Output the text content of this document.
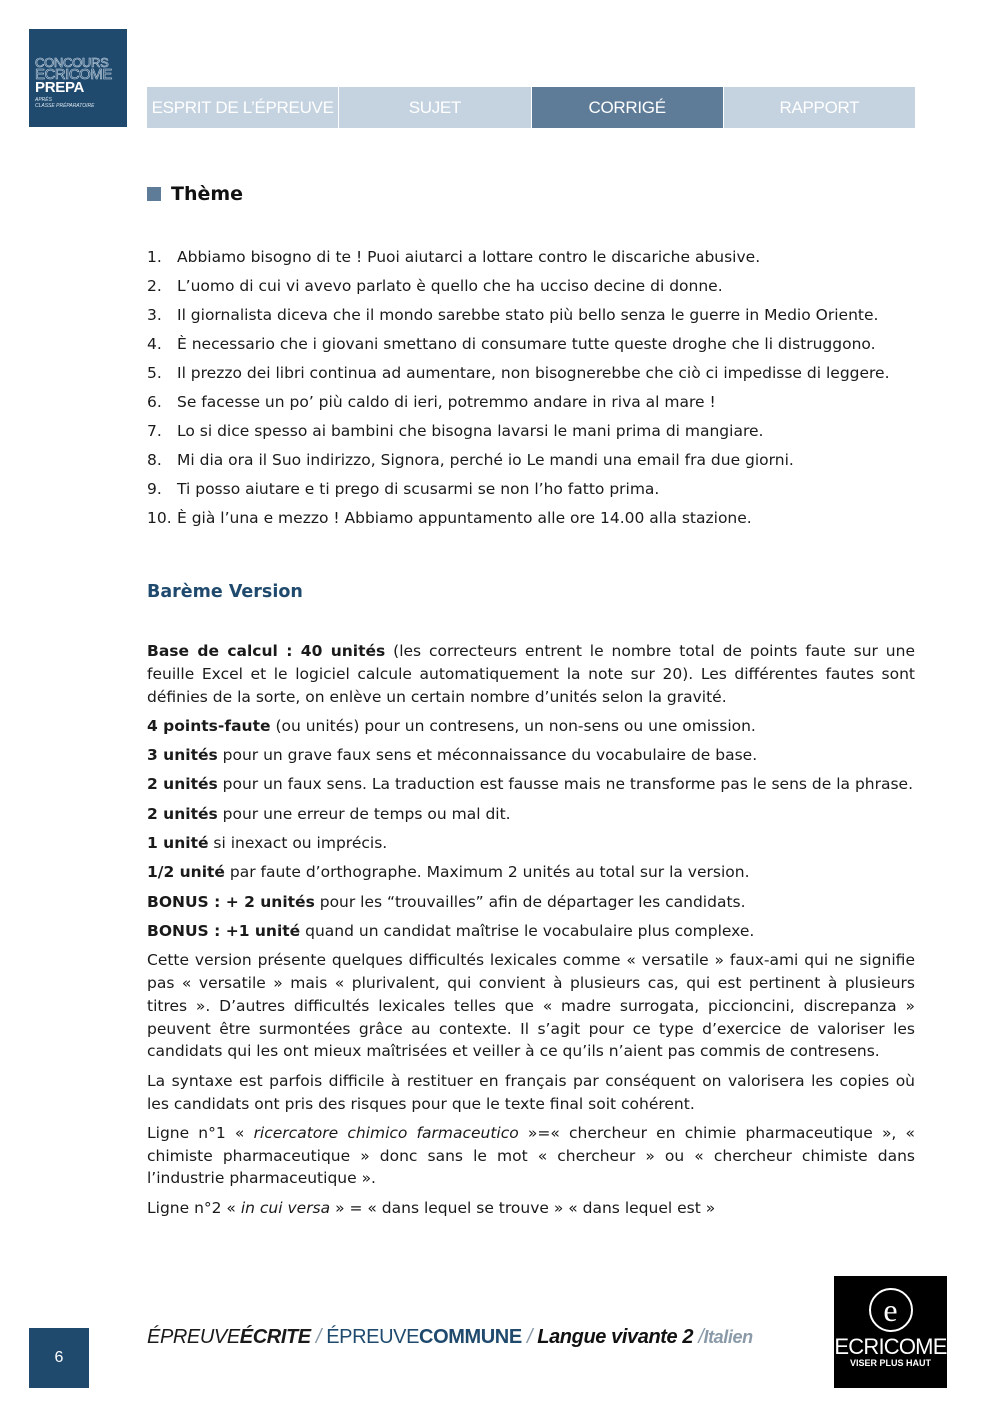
CONCOURS
ECRICOME
PREPA
APRÈS
CLASSE PRÉPARATOIRE	ESPRIT DE L’ÉPREUVE	SUJET	CORRIGÉ	RAPPORT
Thème
1. Abbiamo bisogno di te ! Puoi aiutarci a lottare contro le discariche abusive.
2. L’uomo di cui vi avevo parlato è quello che ha ucciso decine di donne.
3. Il giornalista diceva che il mondo sarebbe stato più bello senza le guerre in Medio Oriente.
4. È necessario che i giovani smettano di consumare tutte queste droghe che li distruggono.
5. Il prezzo dei libri continua ad aumentare, non bisognerebbe che ciò ci impedisse di leggere.
6. Se facesse un po’ più caldo di ieri, potremmo andare in riva al mare !
7. Lo si dice spesso ai bambini che bisogna lavarsi le mani prima di mangiare.
8. Mi dia ora il Suo indirizzo, Signora, perché io Le mandi una email fra due giorni.
9. Ti posso aiutare e ti prego di scusarmi se non l’ho fatto prima.
10. È già l’una e mezzo ! Abbiamo appuntamento alle ore 14.00 alla stazione.
Barème Version

Base de calcul : 40 unités (les correcteurs entrent le nombre total de points faute sur une feuille Excel et le logiciel calcule automatiquement la note sur 20). Les différentes fautes sont définies de la sorte, on enlève un certain nombre d’unités selon la gravité.

4 points-faute (ou unités) pour un contresens, un non-sens ou une omission.

3 unités pour un grave faux sens et méconnaissance du vocabulaire de base.

2 unités pour un faux sens. La traduction est fausse mais ne transforme pas le sens de la phrase.

2 unités pour une erreur de temps ou mal dit.

1 unité si inexact ou imprécis.

1/2 unité par faute d’orthographe. Maximum 2 unités au total sur la version.

BONUS : + 2 unités pour les “trouvailles” afin de départager les candidats.

BONUS : +1 unité quand un candidat maîtrise le vocabulaire plus complexe.

Cette version présente quelques difficultés lexicales comme « versatile » faux-ami qui ne signifie pas « versatile » mais « plurivalent, qui convient à plusieurs cas, qui est pertinent à plusieurs titres ». D’autres difficultés lexicales telles que « madre surrogata, piccioncini, discrepanza » peuvent être surmontées grâce au contexte. Il s’agit pour ce type d’exercice de valoriser les candidats qui les ont mieux maîtrisées et veiller à ce qu’ils n’aient pas commis de contresens.

La syntaxe est parfois difficile à restituer en français par conséquent on valorisera les copies où les candidats ont pris des risques pour que le texte final soit cohérent.

Ligne n°1 « ricercatore chimico farmaceutico »=« chercheur en chimie pharmaceutique », « chimiste pharmaceutique » donc sans le mot « chercheur » ou « chercheur chimiste dans l’industrie pharmaceutique ».

Ligne n°2 « in cui versa » = « dans lequel se trouve » « dans lequel est »

6
ÉPREUVEÉCRITE / ÉPREUVECOMMUNE / Langue vivante 2 /Italien
e
ECRICOME
VISER PLUS HAUT
